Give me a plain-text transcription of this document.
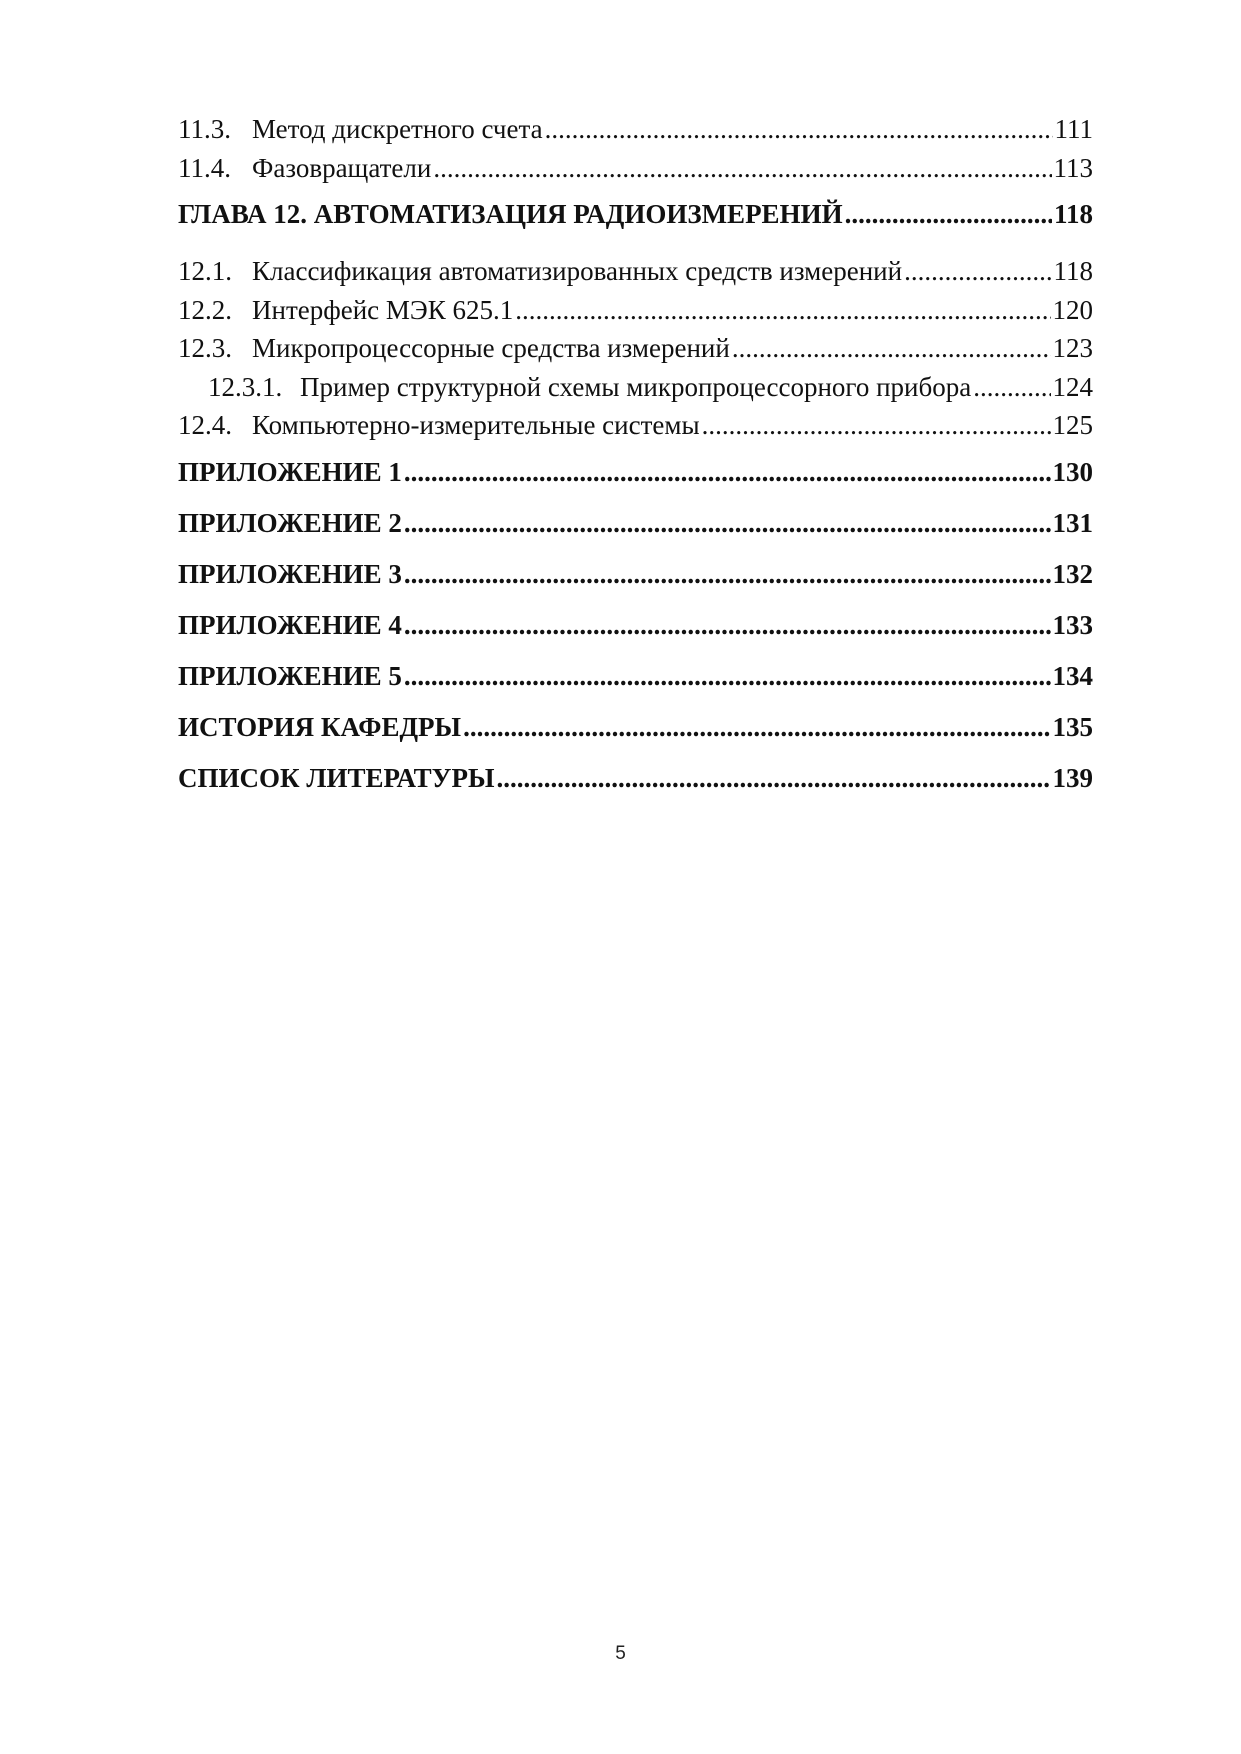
11.3. Метод дискретного счета .....	111
11.4. Фазовращатели .....	113
ГЛАВА 12. АВТОМАТИЗАЦИЯ РАДИОИЗМЕРЕНИЙ .....	118
12.1. Классификация автоматизированных средств измерений .....	118
12.2. Интерфейс МЭК 625.1 .....	120
12.3. Микропроцессорные средства измерений .....	123
12.3.1. Пример структурной схемы микропроцессорного прибора .....	124
12.4. Компьютерно-измерительные системы .....	125
ПРИЛОЖЕНИЕ 1 .....	130
ПРИЛОЖЕНИЕ 2 .....	131
ПРИЛОЖЕНИЕ 3 .....	132
ПРИЛОЖЕНИЕ 4 .....	133
ПРИЛОЖЕНИЕ 5 .....	134
ИСТОРИЯ КАФЕДРЫ .....	135
СПИСОК ЛИТЕРАТУРЫ .....	139
5
